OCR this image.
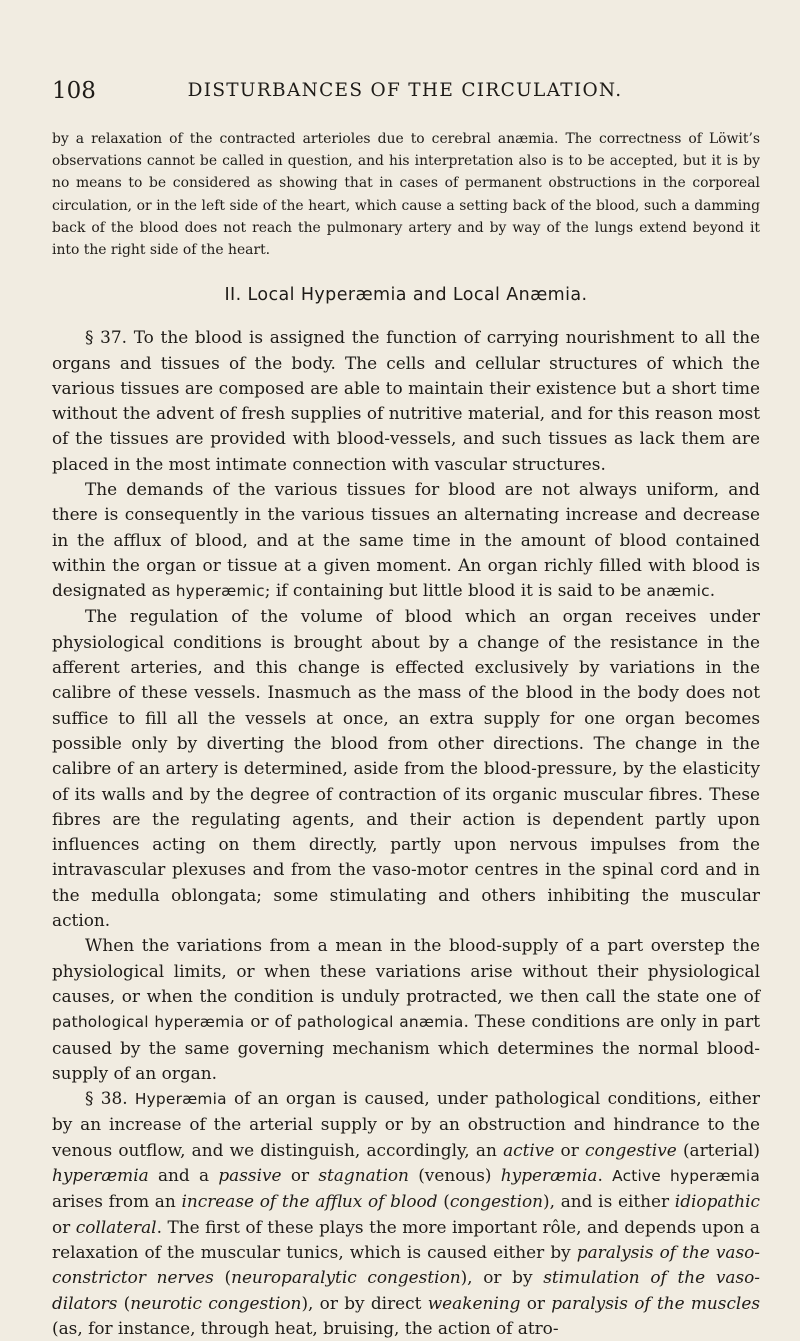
108	DISTURBANCES OF THE CIRCULATION.

by a relaxation of the contracted arterioles due to cerebral anæmia. The correctness of Löwit’s observations cannot be called in question, and his interpretation also is to be accepted, but it is by no means to be considered as showing that in cases of permanent obstructions in the corporeal circulation, or in the left side of the heart, which cause a setting back of the blood, such a damming back of the blood does not reach the pulmonary artery and by way of the lungs extend beyond it into the right side of the heart.

II. Local Hyperæmia and Local Anæmia.

§ 37. To the blood is assigned the function of carrying nourishment to all the organs and tissues of the body. The cells and cellular structures of which the various tissues are composed are able to maintain their existence but a short time without the advent of fresh supplies of nutritive material, and for this reason most of the tissues are provided with blood-vessels, and such tissues as lack them are placed in the most intimate connection with vascular structures.

The demands of the various tissues for blood are not always uniform, and there is consequently in the various tissues an alternating increase and decrease in the afflux of blood, and at the same time in the amount of blood contained within the organ or tissue at a given moment. An organ richly filled with blood is designated as hyperæmic; if containing but little blood it is said to be anæmic.

The regulation of the volume of blood which an organ receives under physiological conditions is brought about by a change of the resistance in the afferent arteries, and this change is effected exclusively by variations in the calibre of these vessels. Inasmuch as the mass of the blood in the body does not suffice to fill all the vessels at once, an extra supply for one organ becomes possible only by diverting the blood from other directions. The change in the calibre of an artery is determined, aside from the blood-pressure, by the elasticity of its walls and by the degree of contraction of its organic muscular fibres. These fibres are the regulating agents, and their action is dependent partly upon influences acting on them directly, partly upon nervous impulses from the intravascular plexuses and from the vaso-motor centres in the spinal cord and in the medulla oblongata; some stimulating and others inhibiting the muscular action.

When the variations from a mean in the blood-supply of a part overstep the physiological limits, or when these variations arise without their physiological causes, or when the condition is unduly protracted, we then call the state one of pathological hyperæmia or of pathological anæmia. These conditions are only in part caused by the same governing mechanism which determines the normal blood-supply of an organ.

§ 38. Hyperæmia of an organ is caused, under pathological conditions, either by an increase of the arterial supply or by an obstruction and hindrance to the venous outflow, and we distinguish, accordingly, an active or congestive (arterial) hyperæmia and a passive or stagnation (venous) hyperæmia. Active hyperæmia arises from an increase of the afflux of blood (congestion), and is either idiopathic or collateral. The first of these plays the more important rôle, and depends upon a relaxation of the muscular tunics, which is caused either by paralysis of the vaso-constrictor nerves (neuroparalytic congestion), or by stimulation of the vaso-dilators (neurotic congestion), or by direct weakening or paralysis of the muscles (as, for instance, through heat, bruising, the action of atro-
